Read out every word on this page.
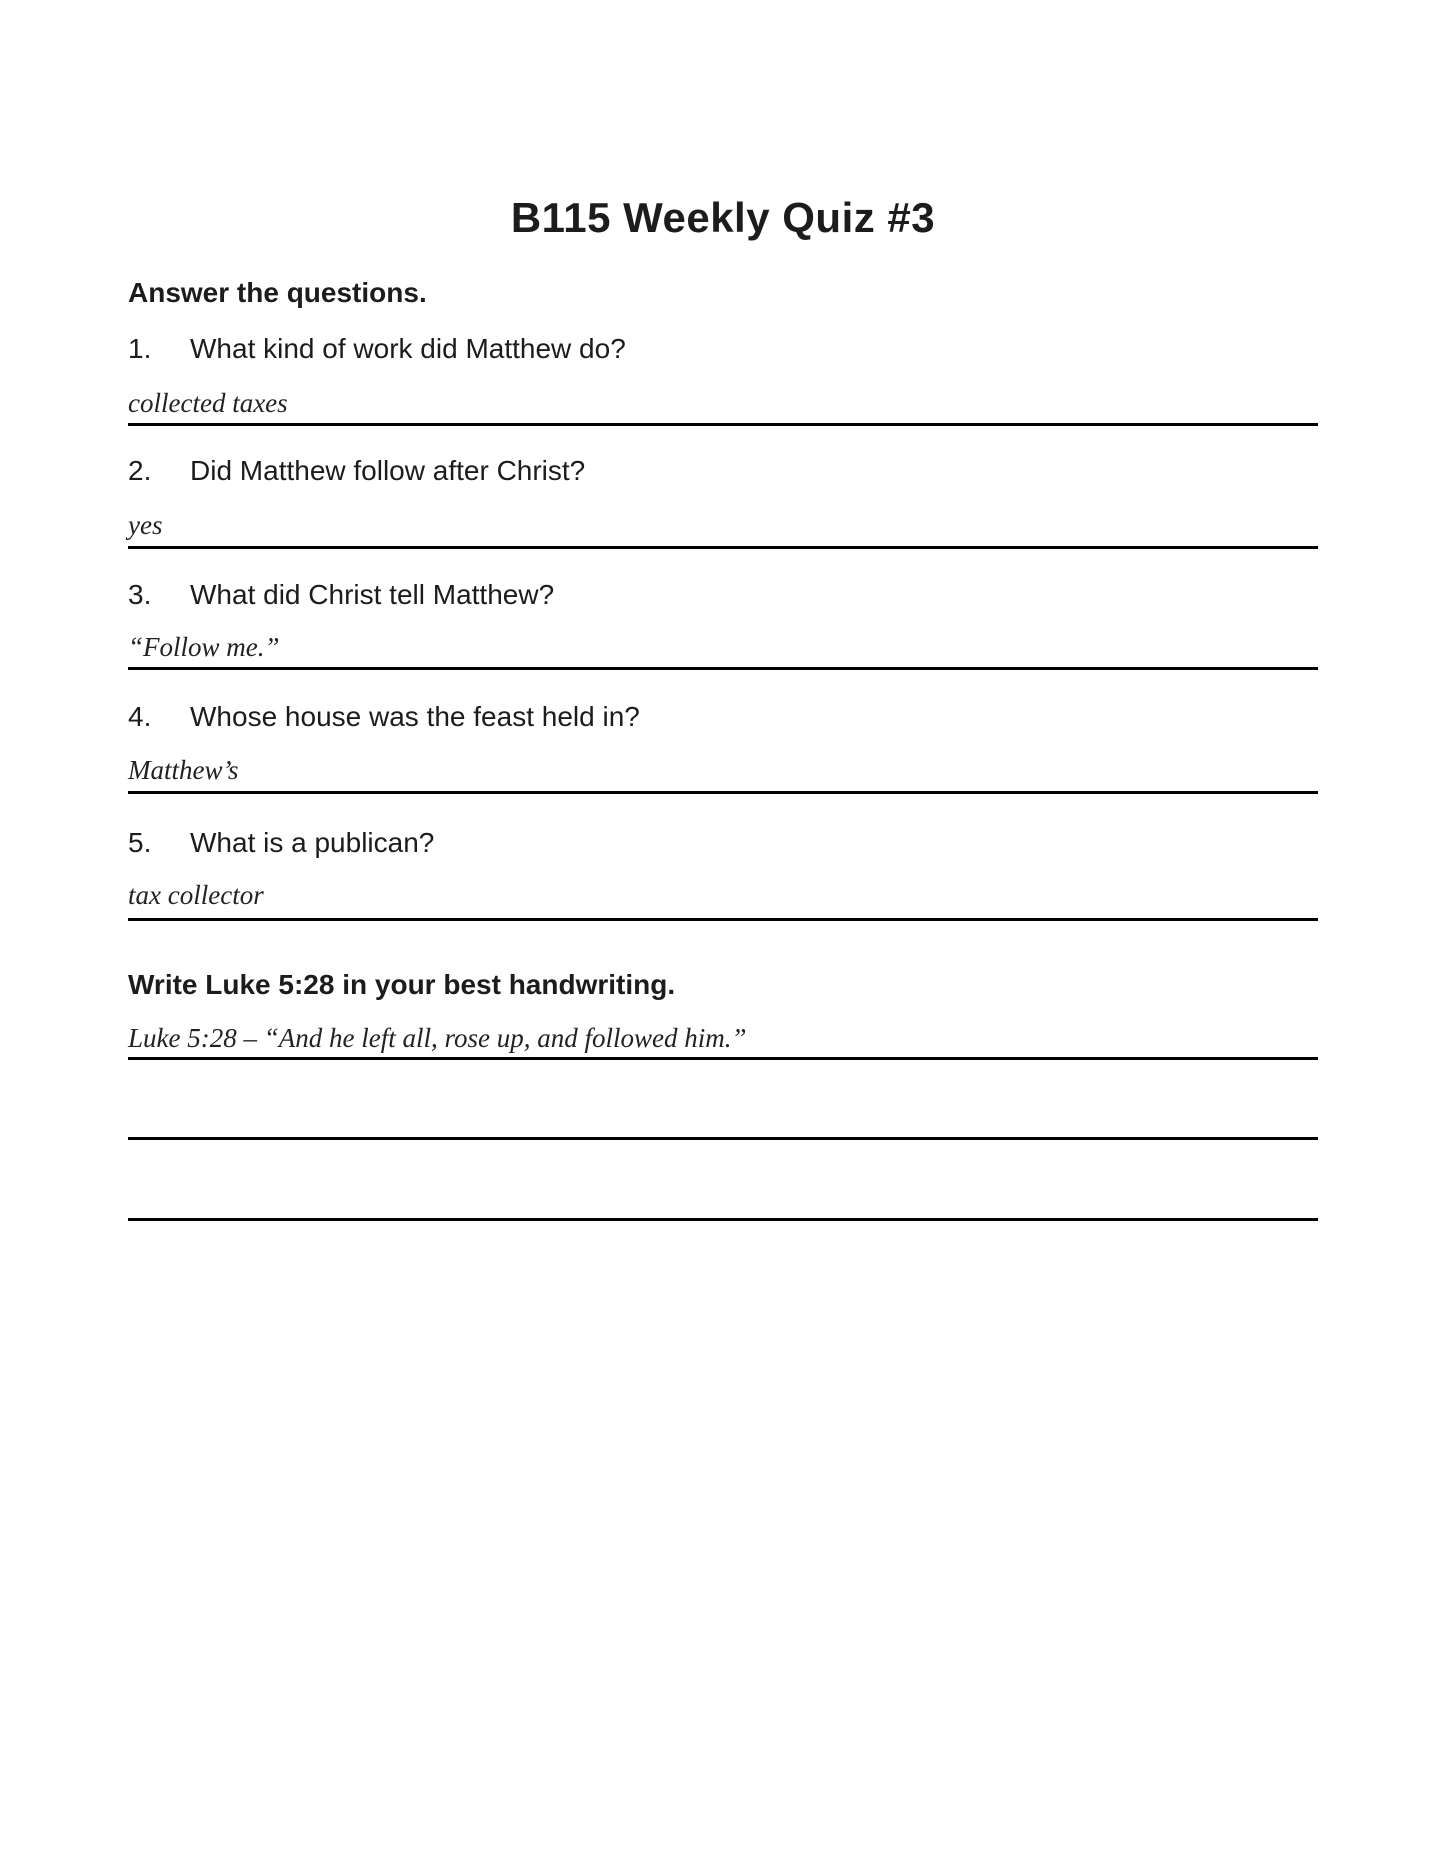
B115 Weekly Quiz #3
Answer the questions.
1.	What kind of work did Matthew do?
collected taxes
2.	Did Matthew follow after Christ?
yes
3.	What did Christ tell Matthew?
“Follow me.”
4.	Whose house was the feast held in?
Matthew’s
5.	What is a publican?
tax collector
Write Luke 5:28 in your best handwriting.
Luke 5:28 – “And he left all, rose up, and followed him.”
